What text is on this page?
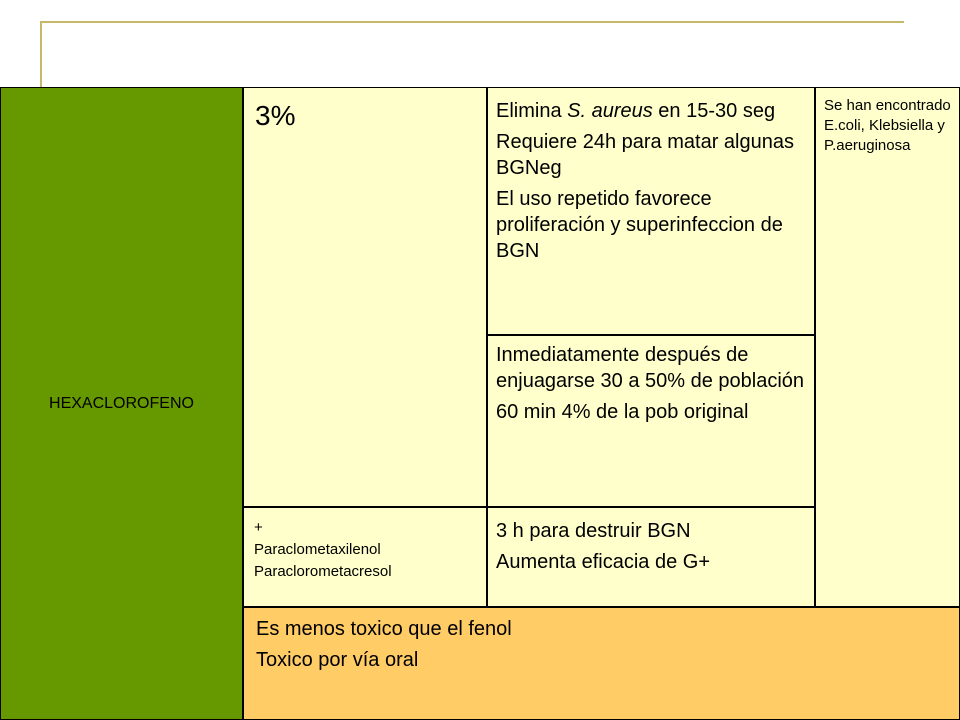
HEXACLOROFENO
3%	Elimina S. aureus en 15-30 seg

Requiere 24h para matar algunas BGNeg

El uso repetido favorece proliferación y superinfeccion de BGN

Inmediatamente después de enjuagarse 30 a 50% de población

60 min 4% de la pob original

Se han encontrado E.coli, Klebsiella y P.aeruginosa

+

Paraclometaxilenol

Paraclorometacresol

3 h para destruir BGN

Aumenta eficacia de G+

Es menos toxico que el fenol

Toxico por vía oral
